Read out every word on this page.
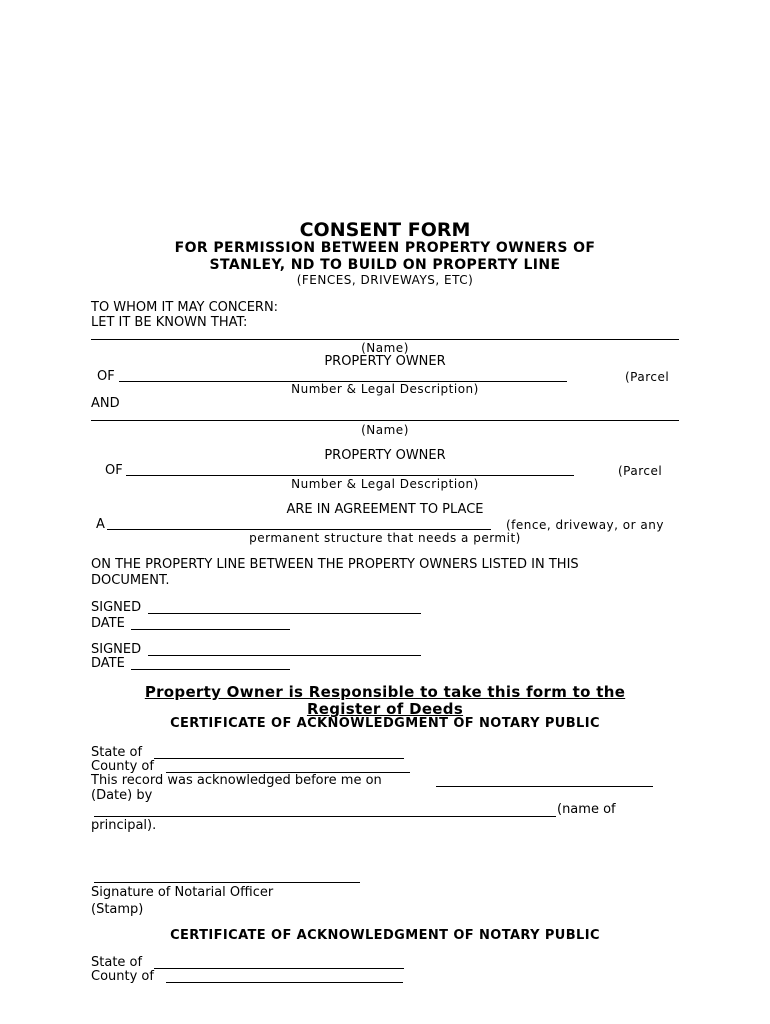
CONSENT FORM
FOR PERMISSION BETWEEN PROPERTY OWNERS OF
STANLEY, ND TO BUILD ON PROPERTY LINE
(FENCES, DRIVEWAYS, ETC)
TO WHOM IT MAY CONCERN:
LET IT BE KNOWN THAT:
(Name)
PROPERTY OWNER
OF	(Parcel
Number & Legal Description)
AND
(Name)
PROPERTY OWNER
OF	(Parcel
Number & Legal Description)
ARE IN AGREEMENT TO PLACE
A	(fence, driveway, or any
permanent structure that needs a permit)
ON THE PROPERTY LINE BETWEEN THE PROPERTY OWNERS LISTED IN THIS
DOCUMENT.
SIGNED
DATE
SIGNED
DATE
Property Owner is Responsible to take this form to the
Register of Deeds
CERTIFICATE OF ACKNOWLEDGMENT OF NOTARY PUBLIC
State of
County of
This record was acknowledged before me on
(Date) by
(name of
principal).
Signature of Notarial Officer
(Stamp)
CERTIFICATE OF ACKNOWLEDGMENT OF NOTARY PUBLIC
State of
County of
